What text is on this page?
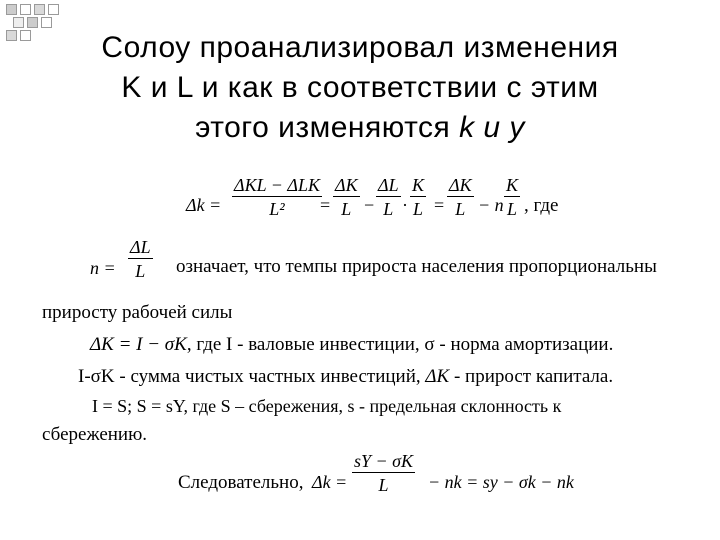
Солоу проанализировал изменения
K и L и как в соответствии с этим
этого изменяются k и y
Δk =
ΔKL − ΔLK
L²	= $\frac{\Delta K}{L} - \frac{\Delta L}{L} \cdot \frac{K}{L} = \frac{\Delta K}{L} - n \frac{K}{L}$ , где
$n = \frac{\Delta L}{L}$ означает, что темпы прироста населения пропорциональны
приросту рабочей силы
ΔK = I − σK, где I - валовые инвестиции, σ - норма амортизации.
I-σK - сумма чистых частных инвестиций, ΔK - прирост капитала.
I = S; S = sY, где S – сбережения, s - предельная склонность к
сбережению.
Следовательно, $\Delta k = \frac{sY - \sigma K}{L}$ − nk = sy − σk − nk
